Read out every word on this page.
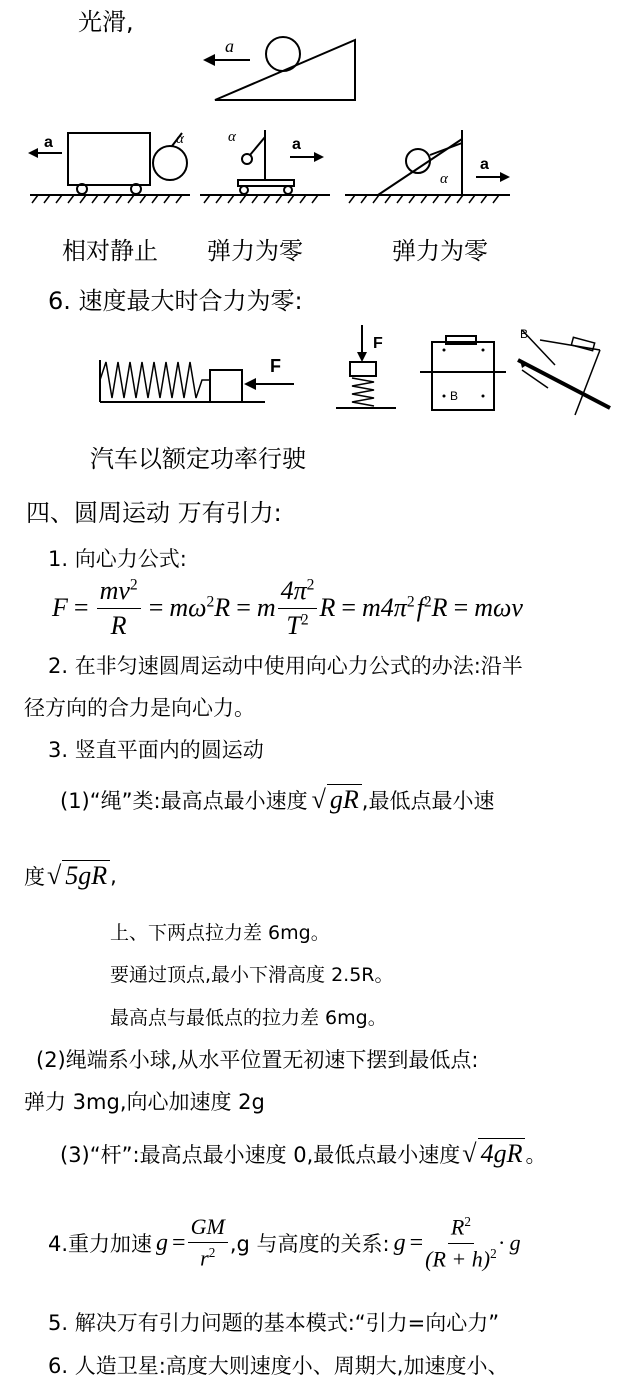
光滑,
a
α
a	α	a
α
a
相对静止 弹力为零	弹力为零
6. 速度最大时合力为零:
F
F
B
B
汽车以额定功率行驶
四、圆周运动 万有引力:
1. 向心力公式:
$F = \frac{mv^2}{R} = m\omega^2R = m \frac{4\pi^2}{T^2}$ $R = m4\pi^2f^2R = m\omega v$
2. 在非匀速圆周运动中使用向心力公式的办法:沿半
径方向的合力是向心力。
3. 竖直平面内的圆运动
(1)“绳”类:最高点最小速度 √ gR ,最低点最小速
度 √ 5gR ,
上、下两点拉力差 6mg。
要通过顶点,最小下滑高度 2.5R。
最高点与最低点的拉力差 6mg。
(2)绳端系小球,从水平位置无初速下摆到最低点:
弹力 3mg,向心加速度 2g
(3)“杆”:最高点最小速度 0,最低点最小速度 √ 4gR 。
4.重力加速 $g = \frac{GM}{r^2} ,g$ 与高度的关系: $g = \frac{R^2}{(R + h)^2} \cdot g$
5. 解决万有引力问题的基本模式:“引力=向心力”
6. 人造卫星:高度大则速度小、周期大,加速度小、
